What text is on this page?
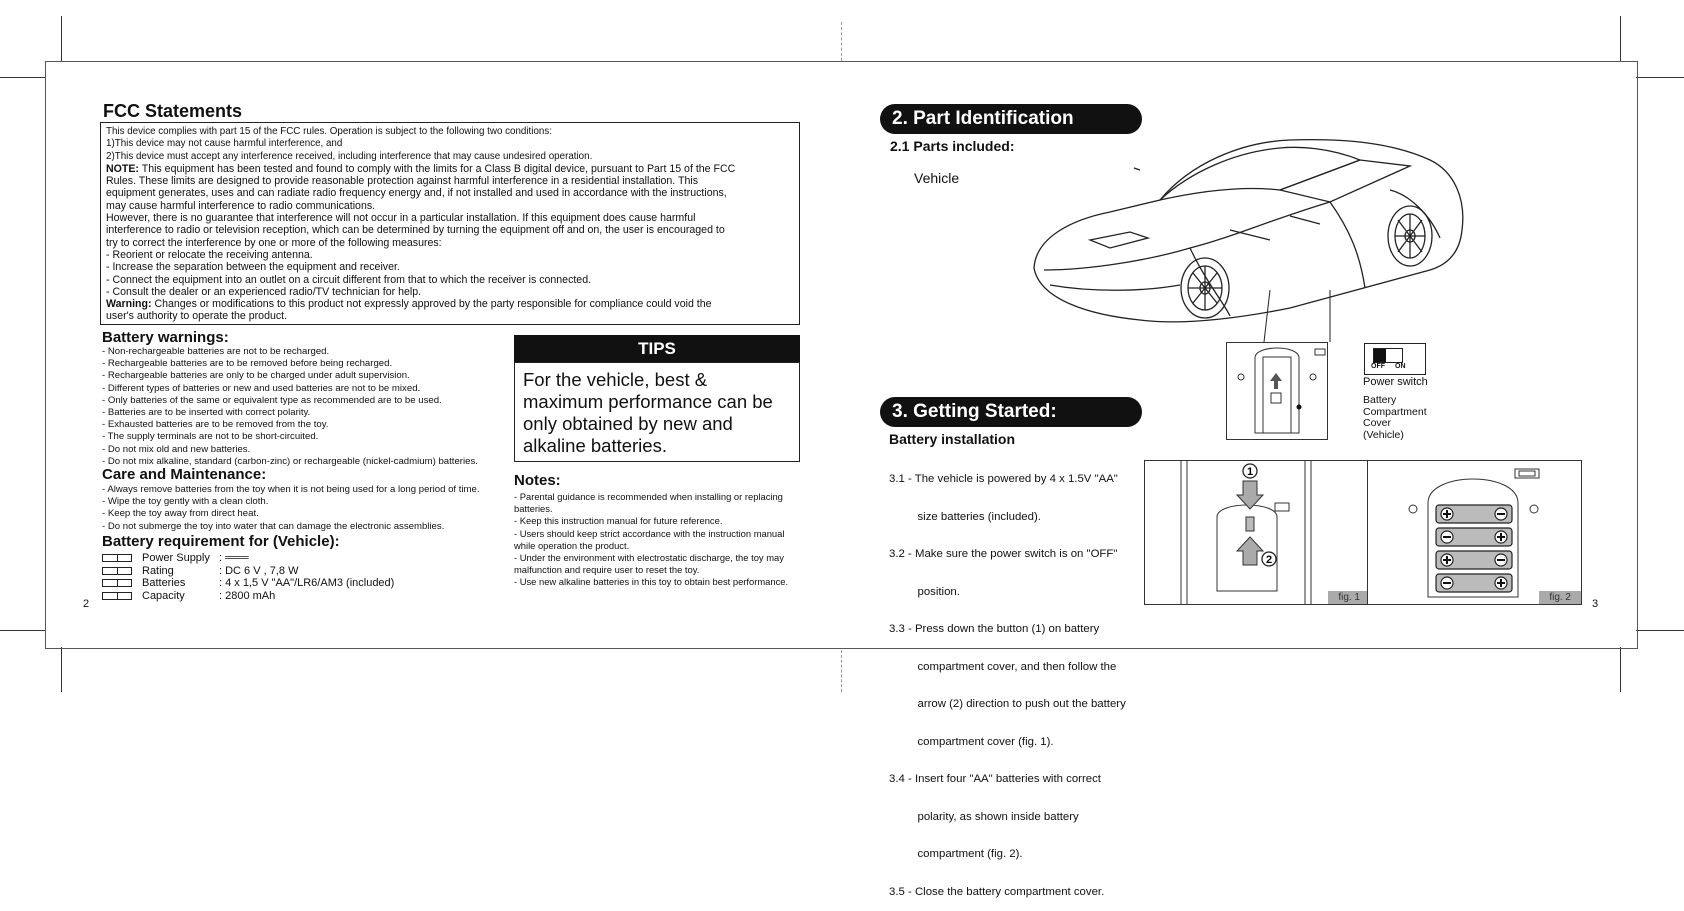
FCC Statements
This device complies with part 15 of the FCC rules. Operation is subject to the following two conditions:
1)This device may not cause harmful interference, and
2)This device must accept any interference received, including interference that may cause undesired operation.
NOTE: This equipment has been tested and found to comply with the limits for a Class B digital device, pursuant to Part 15 of the FCC
Rules. These limits are designed to provide reasonable protection against harmful interference in a residential installation. This
equipment generates, uses and can radiate radio frequency energy and, if not installed and used in accordance with the instructions,
may cause harmful interference to radio communications.
However, there is no guarantee that interference will not occur in a particular installation. If this equipment does cause harmful
interference to radio or television reception, which can be determined by turning the equipment off and on, the user is encouraged to
try to correct the interference by one or more of the following measures:
- Reorient or relocate the receiving antenna.
- Increase the separation between the equipment and receiver.
- Connect the equipment into an outlet on a circuit different from that to which the receiver is connected.
- Consult the dealer or an experienced radio/TV technician for help.
Warning: Changes or modifications to this product not expressly approved by the party responsible for compliance could void the
user's authority to operate the product.
Battery warnings:
- Non-rechargeable batteries are not to be recharged.
- Rechargeable batteries are to be removed before being recharged.
- Rechargeable batteries are only to be charged under adult supervision.
- Different types of batteries or new and used batteries are not to be mixed.
- Only batteries of the same or equivalent type as recommended are to be used.
- Batteries are to be inserted with correct polarity.
- Exhausted batteries are to be removed from the toy.
- The supply terminals are not to be short-circuited.
- Do not mix old and new batteries.
- Do not mix alkaline, standard (carbon-zinc) or rechargeable (nickel-cadmium) batteries.
Care and Maintenance:
- Always remove batteries from the toy when it is not being used for a long period of time.
- Wipe the toy gently with a clean cloth.
- Keep the toy away from direct heat.
- Do not submerge the toy into water that can damage the electronic assemblies.
Battery requirement for (Vehicle):
Power Supply : ═══
Rating	: DC 6 V , 7,8 W
Batteries	: 4 x 1,5 V "AA"/LR6/AM3 (included)
Capacity	: 2800 mAh
2
TIPS
For the vehicle, best & maximum performance can be only obtained by new and alkaline batteries.
Notes:
- Parental guidance is recommended when installing or replacing
batteries.
- Keep this instruction manual for future reference.
- Users should keep strict accordance with the instruction manual
while operation the product.
- Under the environment with electrostatic discharge, the toy may
malfunction and require user to reset the toy.
- Use new alkaline batteries in this toy to obtain best performance.
2. Part Identification
2.1 Parts included:
Vehicle
OFF ON
Power switch
Battery
Compartment
Cover
(Vehicle)
3. Getting Started:
Battery installation

3.1 - The vehicle is powered by 4 x 1.5V "AA"

size batteries (included).

3.2 - Make sure the power switch is on "OFF"

position.

3.3 - Press down the button (1) on battery

compartment cover, and then follow the

arrow (2) direction to push out the battery

compartment cover (fig. 1).

3.4 - Insert four "AA" batteries with correct

polarity, as shown inside battery

compartment (fig. 2).

3.5 - Close the battery compartment cover.

1
2
fig. 1	fig. 2
3
